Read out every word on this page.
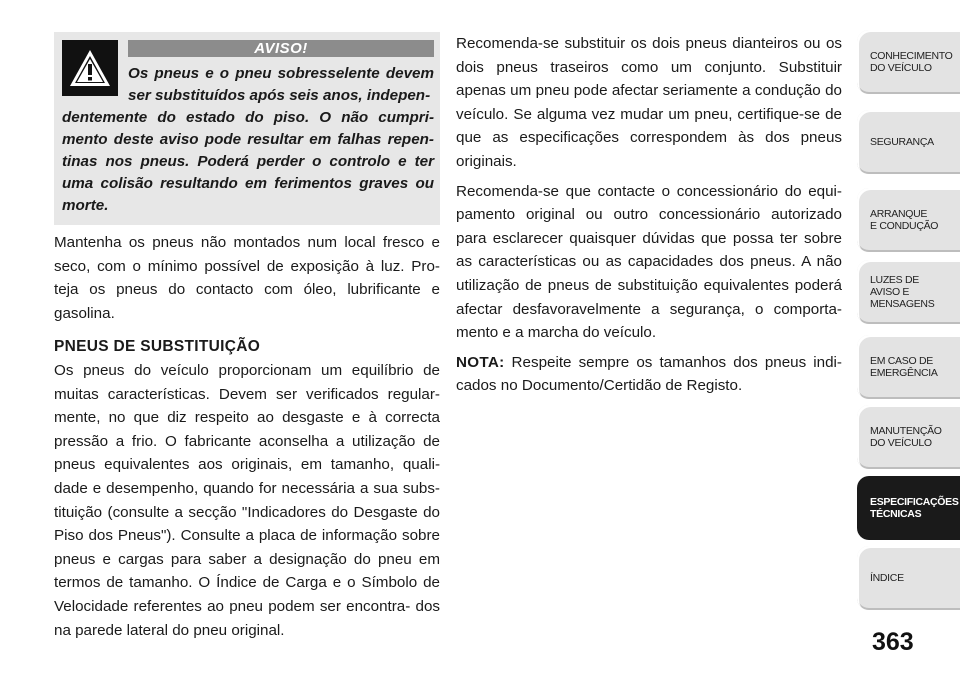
AVISO!
Os pneus e o pneu sobresselente devem ser substituídos após seis anos, indepen-
dentemente do estado do piso. O não cumpri- mento deste aviso pode resultar em falhas repen- tinas nos pneus. Poderá perder o controlo e ter uma colisão resultando em ferimentos graves ou morte.

Mantenha os pneus não montados num local fresco e seco, com o mínimo possível de exposição à luz. Pro- teja os pneus do contacto com óleo, lubrificante e gasolina.

PNEUS DE SUBSTITUIÇÃO

Os pneus do veículo proporcionam um equilíbrio de muitas características. Devem ser verificados regular- mente, no que diz respeito ao desgaste e à correcta pressão a frio. O fabricante aconselha a utilização de pneus equivalentes aos originais, em tamanho, quali- dade e desempenho, quando for necessária a sua subs- tituição (consulte a secção "Indicadores do Desgaste do Piso dos Pneus"). Consulte a placa de informação sobre pneus e cargas para saber a designação do pneu em termos de tamanho. O Índice de Carga e o Símbolo de Velocidade referentes ao pneu podem ser encontra- dos na parede lateral do pneu original.

Recomenda-se substituir os dois pneus dianteiros ou os dois pneus traseiros como um conjunto. Substituir apenas um pneu pode afectar seriamente a condução do veículo. Se alguma vez mudar um pneu, certifique-se de que as especificações correspondem às dos pneus originais.

Recomenda-se que contacte o concessionário do equi- pamento original ou outro concessionário autorizado para esclarecer quaisquer dúvidas que possa ter sobre as características ou as capacidades dos pneus. A não utilização de pneus de substituição equivalentes poderá afectar desfavoravelmente a segurança, o comporta- mento e a marcha do veículo.

NOTA: Respeite sempre os tamanhos dos pneus indi- cados no Documento/Certidão de Registo.

CONHECIMENTO
DO VEÍCULO
SEGURANÇA
ARRANQUE
E CONDUÇÃO
LUZES DE
AVISO E
MENSAGENS
EM CASO DE
EMERGÊNCIA
MANUTENÇÃO
DO VEÍCULO
ESPECIFICAÇÕES
TÉCNICAS
ÍNDICE
363
